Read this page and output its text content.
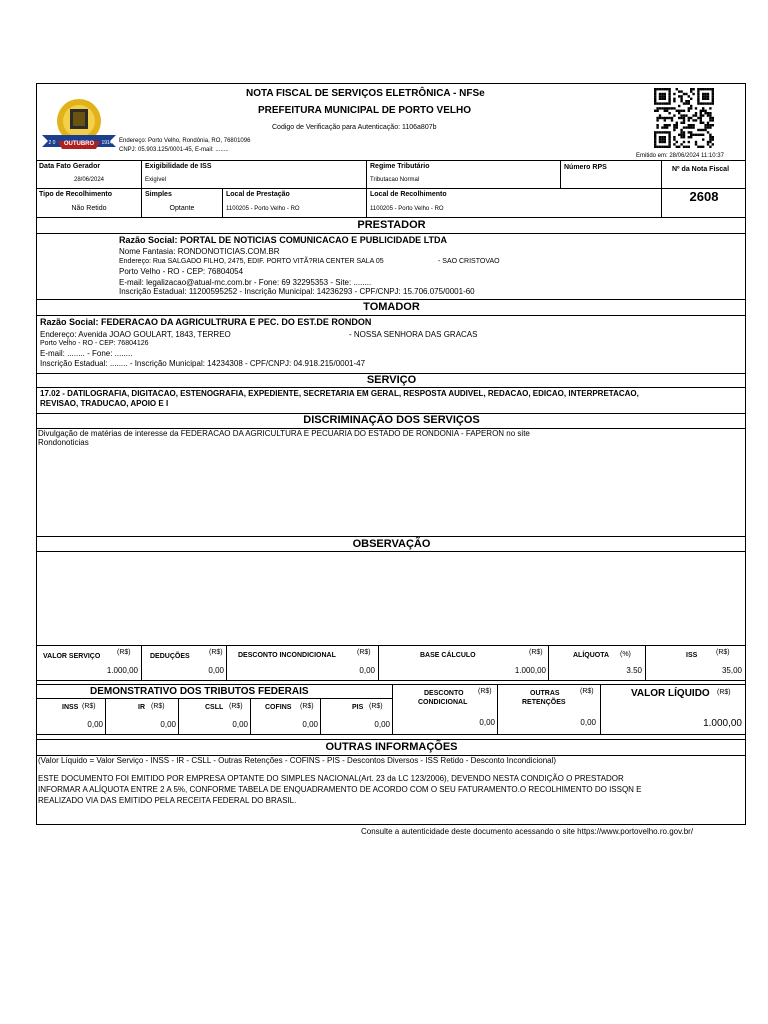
OUTUBRO
2 0	1914
NOTA FISCAL DE SERVIÇOS ELETRÔNICA - NFSe
PREFEITURA MUNICIPAL DE PORTO VELHO
Codigo de Verificação para Autenticação: 1106a807b
Endereço: Porto Velho, Rondônia, RO, 76801096
CNPJ: 05.903.125/0001-45, E-mail: ........
Emitido em: 28/06/2024 11:10:37
Data Fato Gerador
28/06/2024
Exigibilidade de ISS
Exigível
Regime Tributário
Tributacao Normal
Número RPS	Nº da Nota Fiscal
2608
Tipo de Recolhimento
Não Retido
Simples
Optante
Local de Prestação
1100205 - Porto Velho - RO
Local de Recolhimento
1100205 - Porto Velho - RO
PRESTADOR
Razão Social: PORTAL DE NOTICIAS COMUNICACAO E PUBLICIDADE LTDA
Nome Fantasia: RONDONOTICIAS.COM.BR
Endereço: Rua SALGADO FILHO, 2475, EDIF. PORTO VITÃ?RIA CENTER SALA 05	- SAO CRISTOVAO
Porto Velho - RO - CEP: 76804054
E-mail: legalizacao@atual-mc.com.br - Fone: 69 32295353 - Site: ........
Inscrição Estadual: 11200595252 - Inscrição Municipal: 14236293 - CPF/CNPJ: 15.706.075/0001-60
TOMADOR
Razão Social: FEDERACAO DA AGRICULTRURA E PEC. DO EST.DE RONDON
Endereço: Avenida JOAO GOULART, 1843, TERREO	- NOSSA SENHORA DAS GRACAS
Porto Velho - RO - CEP: 76804126
E-mail: ........ - Fone: ........
Inscrição Estadual: ........ - Inscrição Municipal: 14234308 - CPF/CNPJ: 04.918.215/0001-47
SERVIÇO
17.02 - DATILOGRAFIA, DIGITACAO, ESTENOGRAFIA, EXPEDIENTE, SECRETARIA EM GERAL, RESPOSTA AUDIVEL, REDACAO, EDICAO, INTERPRETACAO,
REVISAO, TRADUCAO, APOIO E I
DISCRIMINAÇÃO DOS SERVIÇOS
Divulgação de matérias de interesse da FEDERACAO DA AGRICULTURA E PECUARIA DO ESTADO DE RONDONIA - FAPERON no site
Rondonoticias
OBSERVAÇÃO
VALOR SERVIÇO
(R$)
1.000,00
DEDUÇÕES
(R$)
0,00
DESCONTO INCONDICIONAL	(R$)
0,00
BASE CÁLCULO	(R$)
1.000,00
ALÍQUOTA (%)
3.50
ISS	(R$)
35,00
DEMONSTRATIVO DOS TRIBUTOS FEDERAIS
INSS (R$)
0,00
IR (R$)
0,00
CSLL (R$)
0,00
COFINS (R$)
0,00
PIS (R$)
0,00
DESCONTO (R$)
CONDICIONAL
0,00
OUTRAS	(R$)
RETENÇÕES
0,00
VALOR LÍQUIDO (R$)
1.000,00
OUTRAS INFORMAÇÕES
(Valor Líquido = Valor Serviço - INSS - IR - CSLL - Outras Retenções - COFINS - PIS - Descontos Diversos - ISS Retido - Desconto Incondicional)
ESTE DOCUMENTO FOI EMITIDO POR EMPRESA OPTANTE DO SIMPLES NACIONAL(Art. 23 da LC 123/2006), DEVENDO NESTA CONDIÇÃO O PRESTADOR
INFORMAR A ALÍQUOTA ENTRE 2 A 5%, CONFORME TABELA DE ENQUADRAMENTO DE ACORDO COM O SEU FATURAMENTO.O RECOLHIMENTO DO ISSQN E
REALIZADO VIA DAS EMITIDO PELA RECEITA FEDERAL DO BRASIL.
Consulte a autenticidade deste documento acessando o site https://www.portovelho.ro.gov.br/
